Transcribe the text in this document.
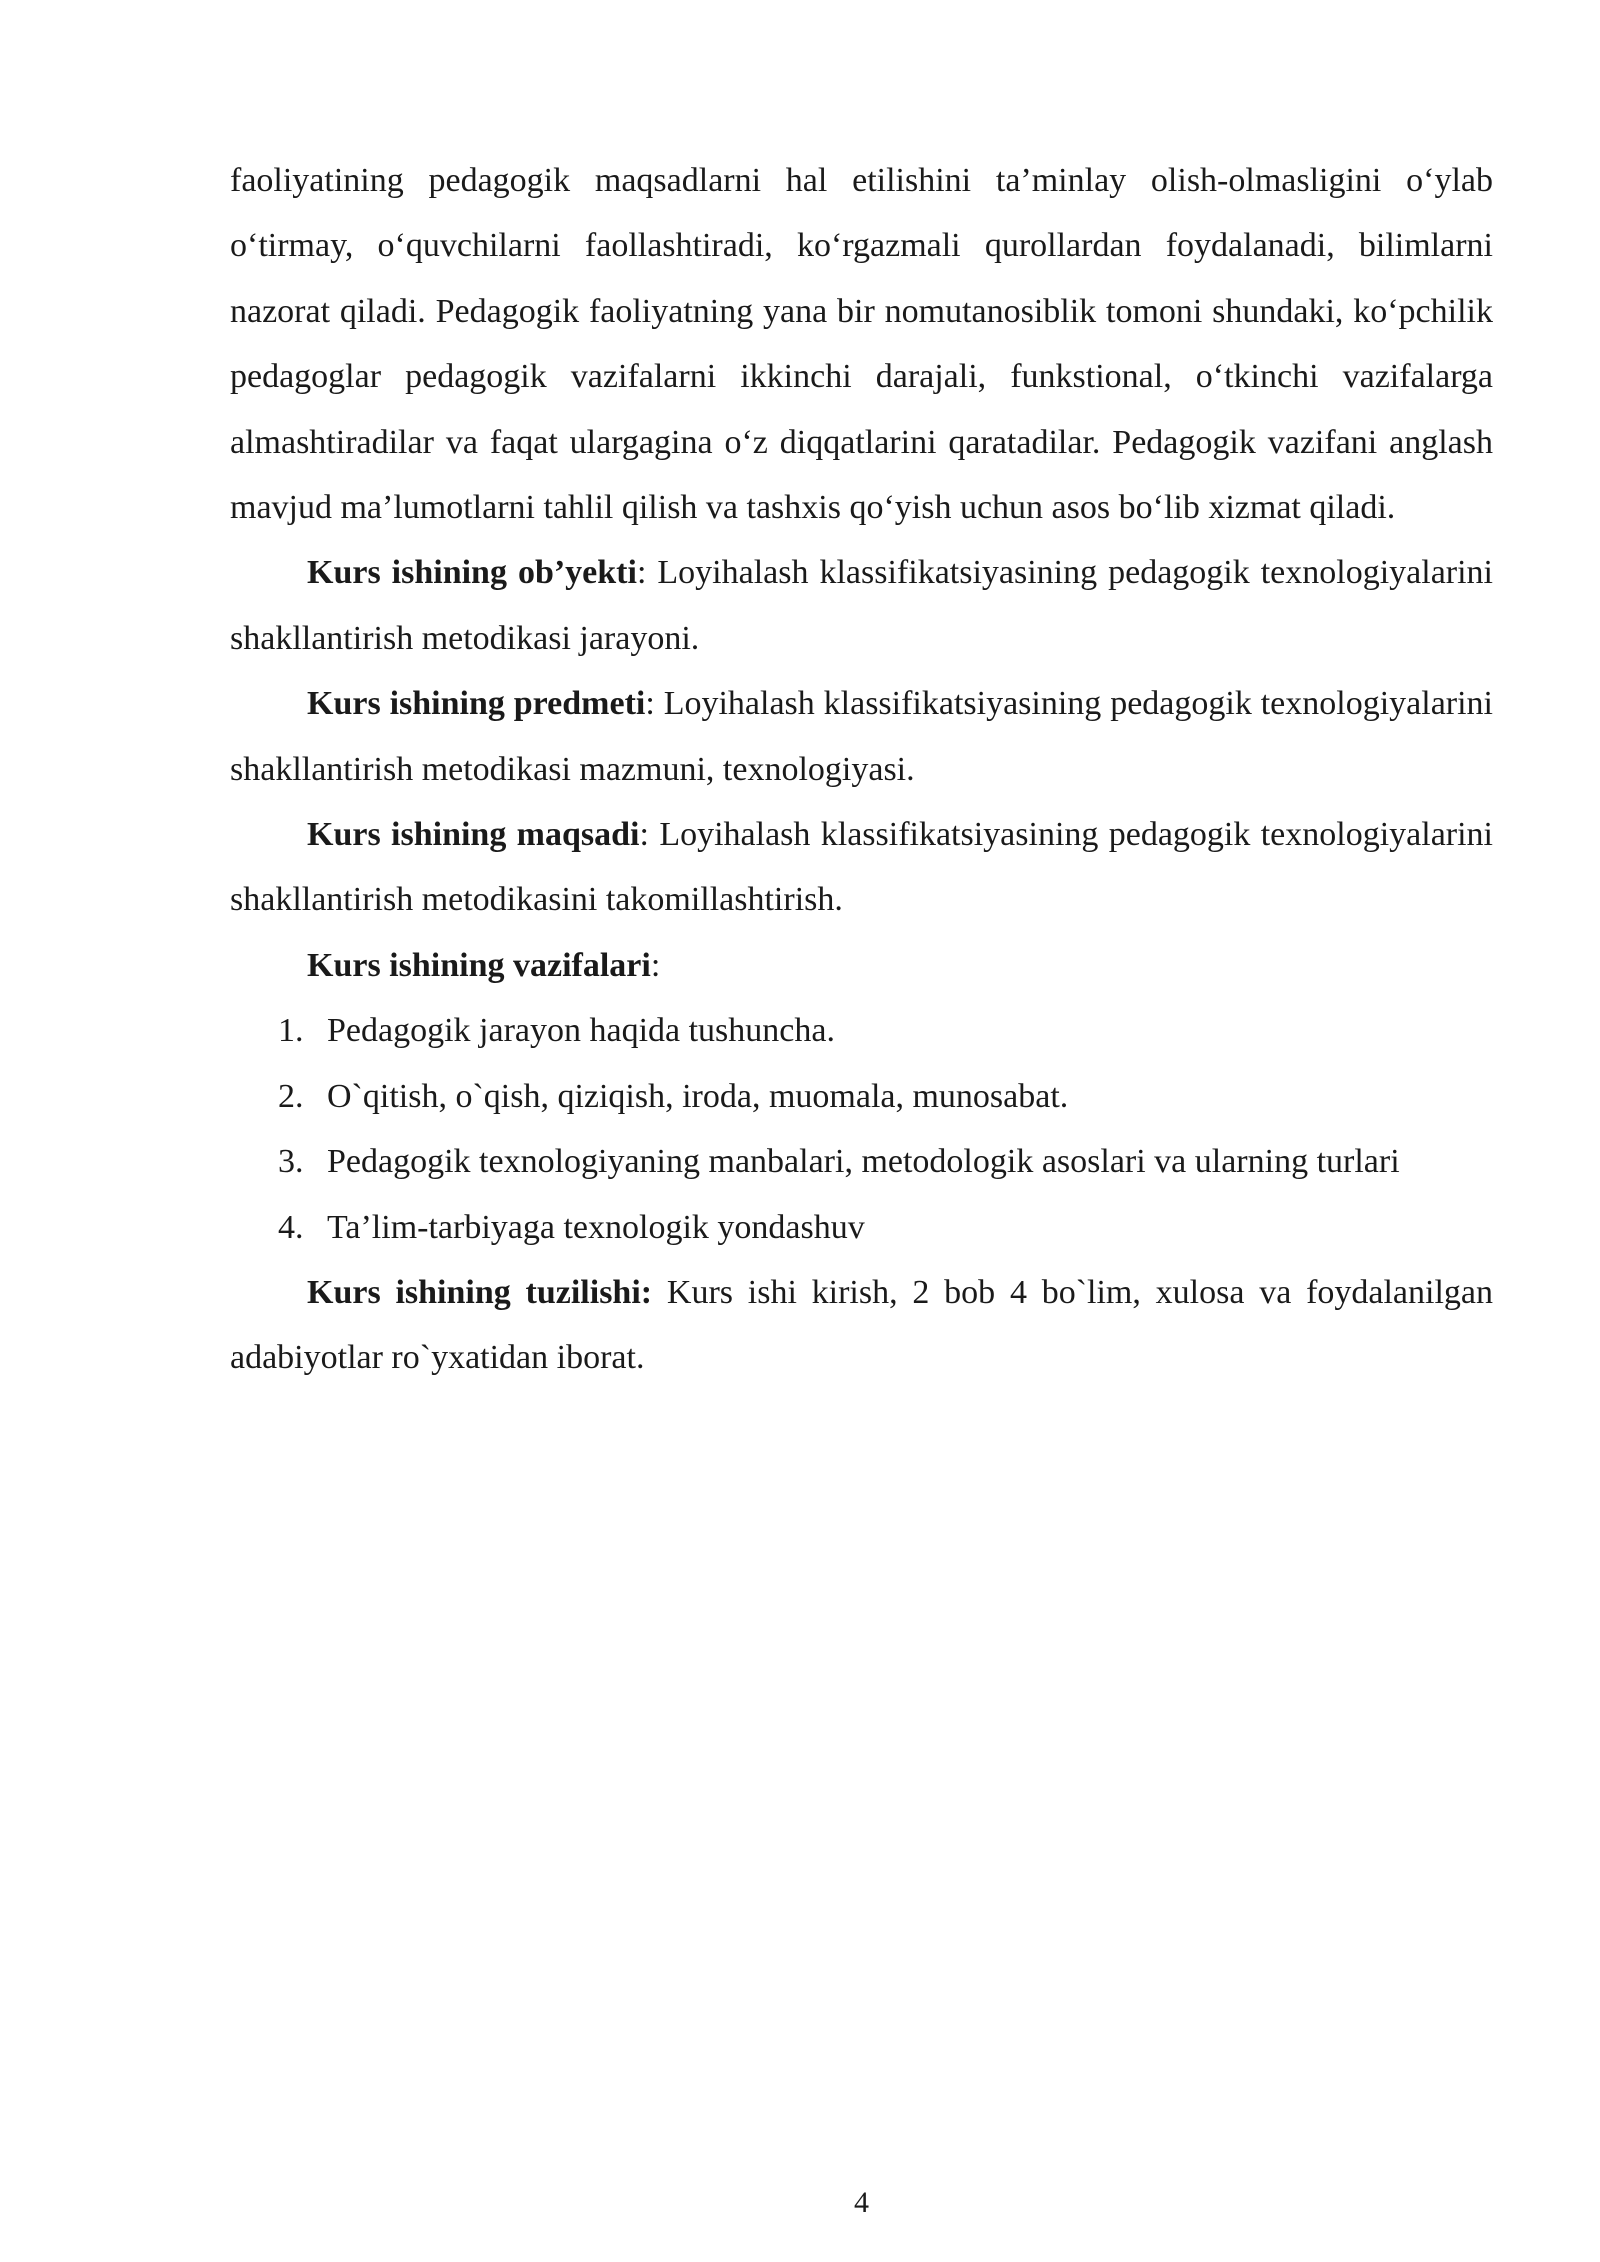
faoliyatining pedagogik maqsadlarni hal etilishini ta’minlay olish-olmasligini o‘ylab o‘tirmay, o‘quvchilarni faollashtiradi, ko‘rgazmali qurollardan foydalanadi, bilimlarni nazorat qiladi. Pedagogik faoliyatning yana bir nomutanosiblik tomoni shundaki, ko‘pchilik pedagoglar pedagogik vazifalarni ikkinchi darajali, funkstional, o‘tkinchi vazifalarga almashtiradilar va faqat ulargagina o‘z diqqatlarini qaratadilar. Pedagogik vazifani anglash mavjud ma’lumotlarni tahlil qilish va tashxis qo‘yish uchun asos bo‘lib xizmat qiladi.

Kurs ishining ob’yekti: Loyihalash klassifikatsiyasining pedagogik texnologiyalarini shakllantirish metodikasi jarayoni.

Kurs ishining predmeti: Loyihalash klassifikatsiyasining pedagogik texnologiyalarini shakllantirish metodikasi mazmuni, texnologiyasi.

Kurs ishining maqsadi: Loyihalash klassifikatsiyasining pedagogik texnologiyalarini shakllantirish metodikasini takomillashtirish.

Kurs ishining vazifalari:

1. Pedagogik jarayon haqida tushuncha.
2. O`qitish, o`qish, qiziqish, iroda, muomala, munosabat.
3. Pedagogik texnologiyaning manbalari, metodologik asoslari va ularning turlari
4. Ta’lim-tarbiyaga texnologik yondashuv

Kurs ishining tuzilishi: Kurs ishi kirish, 2 bob 4 bo`lim, xulosa va foydalanilgan adabiyotlar ro`yxatidan iborat.

4
